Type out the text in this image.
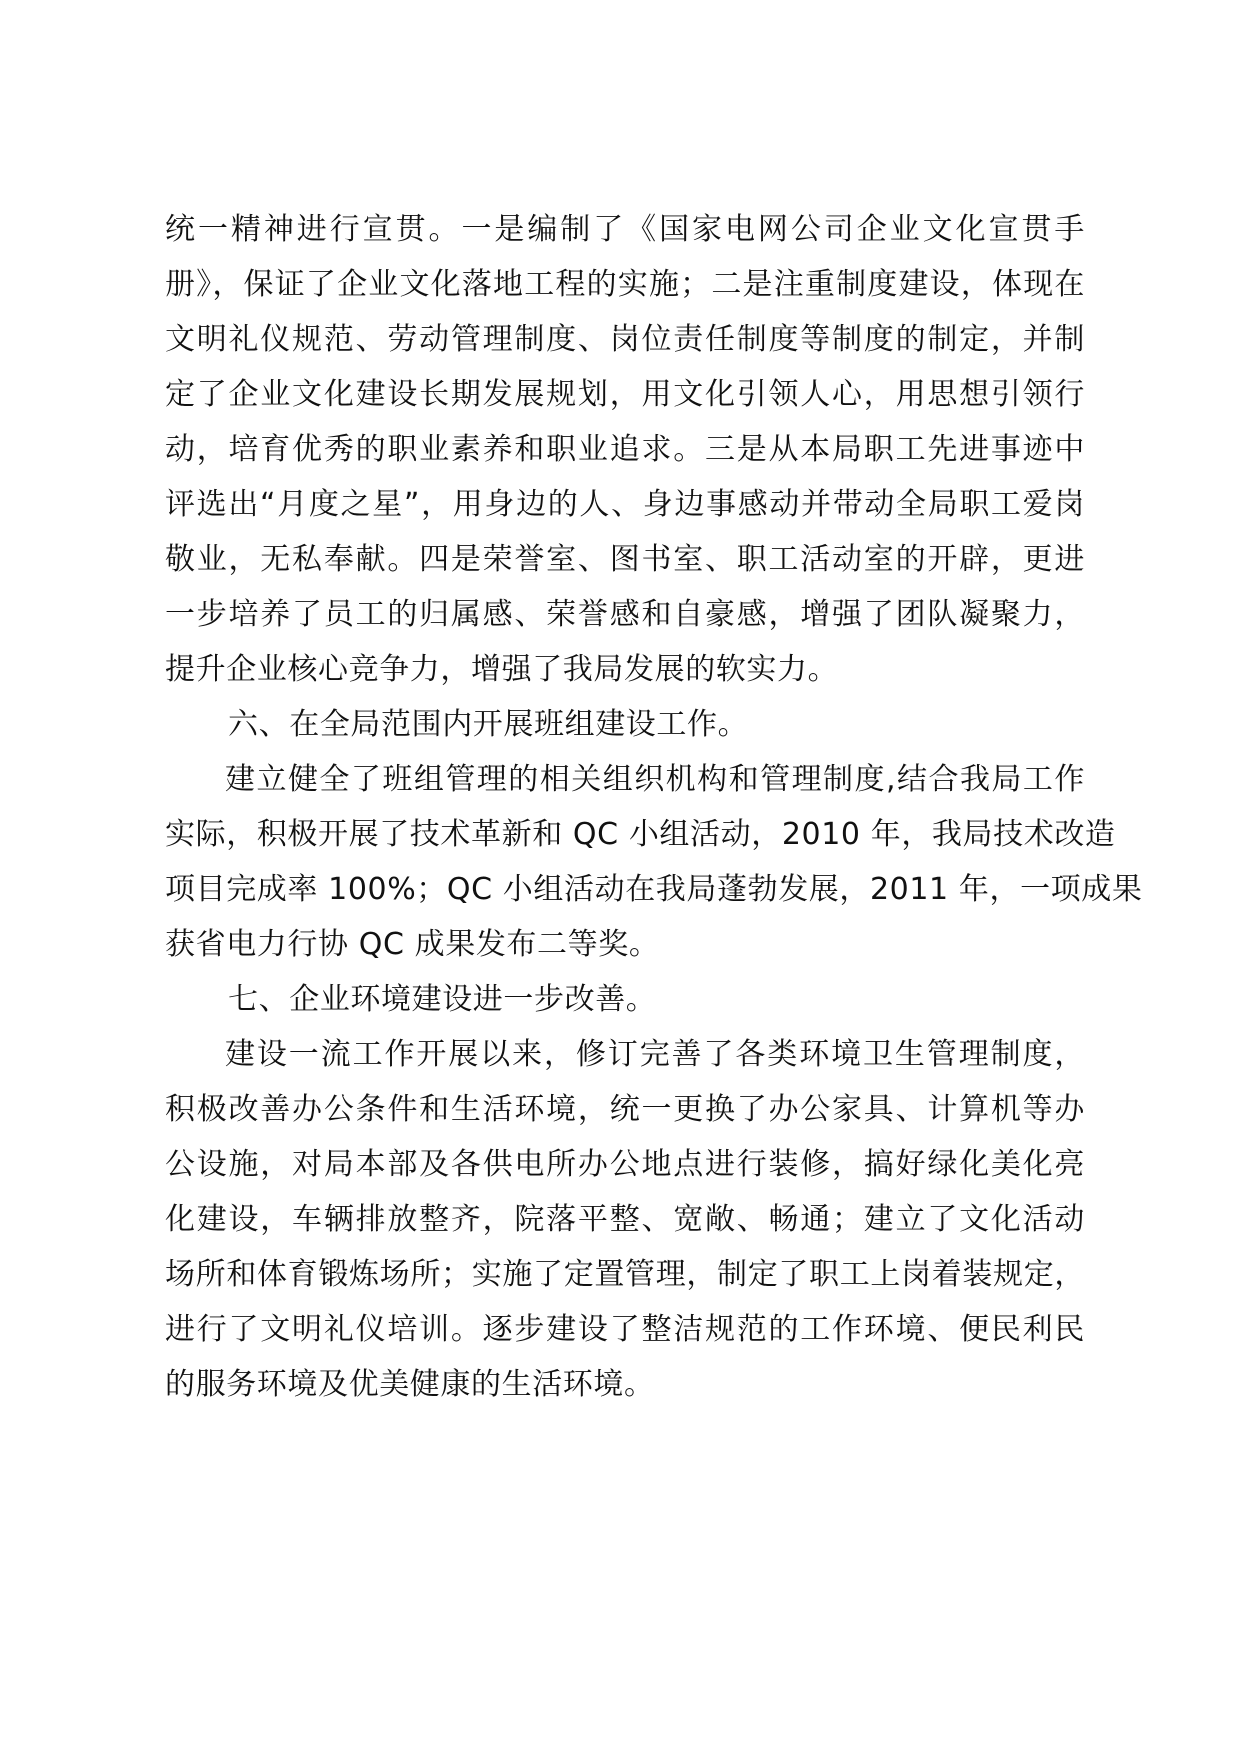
统一精神进行宣贯。一是编制了《国家电网公司企业文化宣贯手
册》，保证了企业文化落地工程的实施；二是注重制度建设，体现在
文明礼仪规范、劳动管理制度、岗位责任制度等制度的制定，并制
定了企业文化建设长期发展规划，用文化引领人心，用思想引领行
动，培育优秀的职业素养和职业追求。三是从本局职工先进事迹中
评选出“月度之星”，用身边的人、身边事感动并带动全局职工爱岗
敬业，无私奉献。四是荣誉室、图书室、职工活动室的开辟，更进
一步培养了员工的归属感、荣誉感和自豪感，增强了团队凝聚力，
提升企业核心竞争力，增强了我局发展的软实力。
六、在全局范围内开展班组建设工作。
建立健全了班组管理的相关组织机构和管理制度,结合我局工作
实际，积极开展了技术革新和 QC 小组活动，2010 年，我局技术改造
项目完成率 100%；QC 小组活动在我局蓬勃发展，2011 年，一项成果
获省电力行协 QC 成果发布二等奖。
七、企业环境建设进一步改善。
建设一流工作开展以来，修订完善了各类环境卫生管理制度，
积极改善办公条件和生活环境，统一更换了办公家具、计算机等办
公设施，对局本部及各供电所办公地点进行装修，搞好绿化美化亮
化建设，车辆排放整齐，院落平整、宽敞、畅通；建立了文化活动
场所和体育锻炼场所；实施了定置管理，制定了职工上岗着装规定，
进行了文明礼仪培训。逐步建设了整洁规范的工作环境、便民利民
的服务环境及优美健康的生活环境。
